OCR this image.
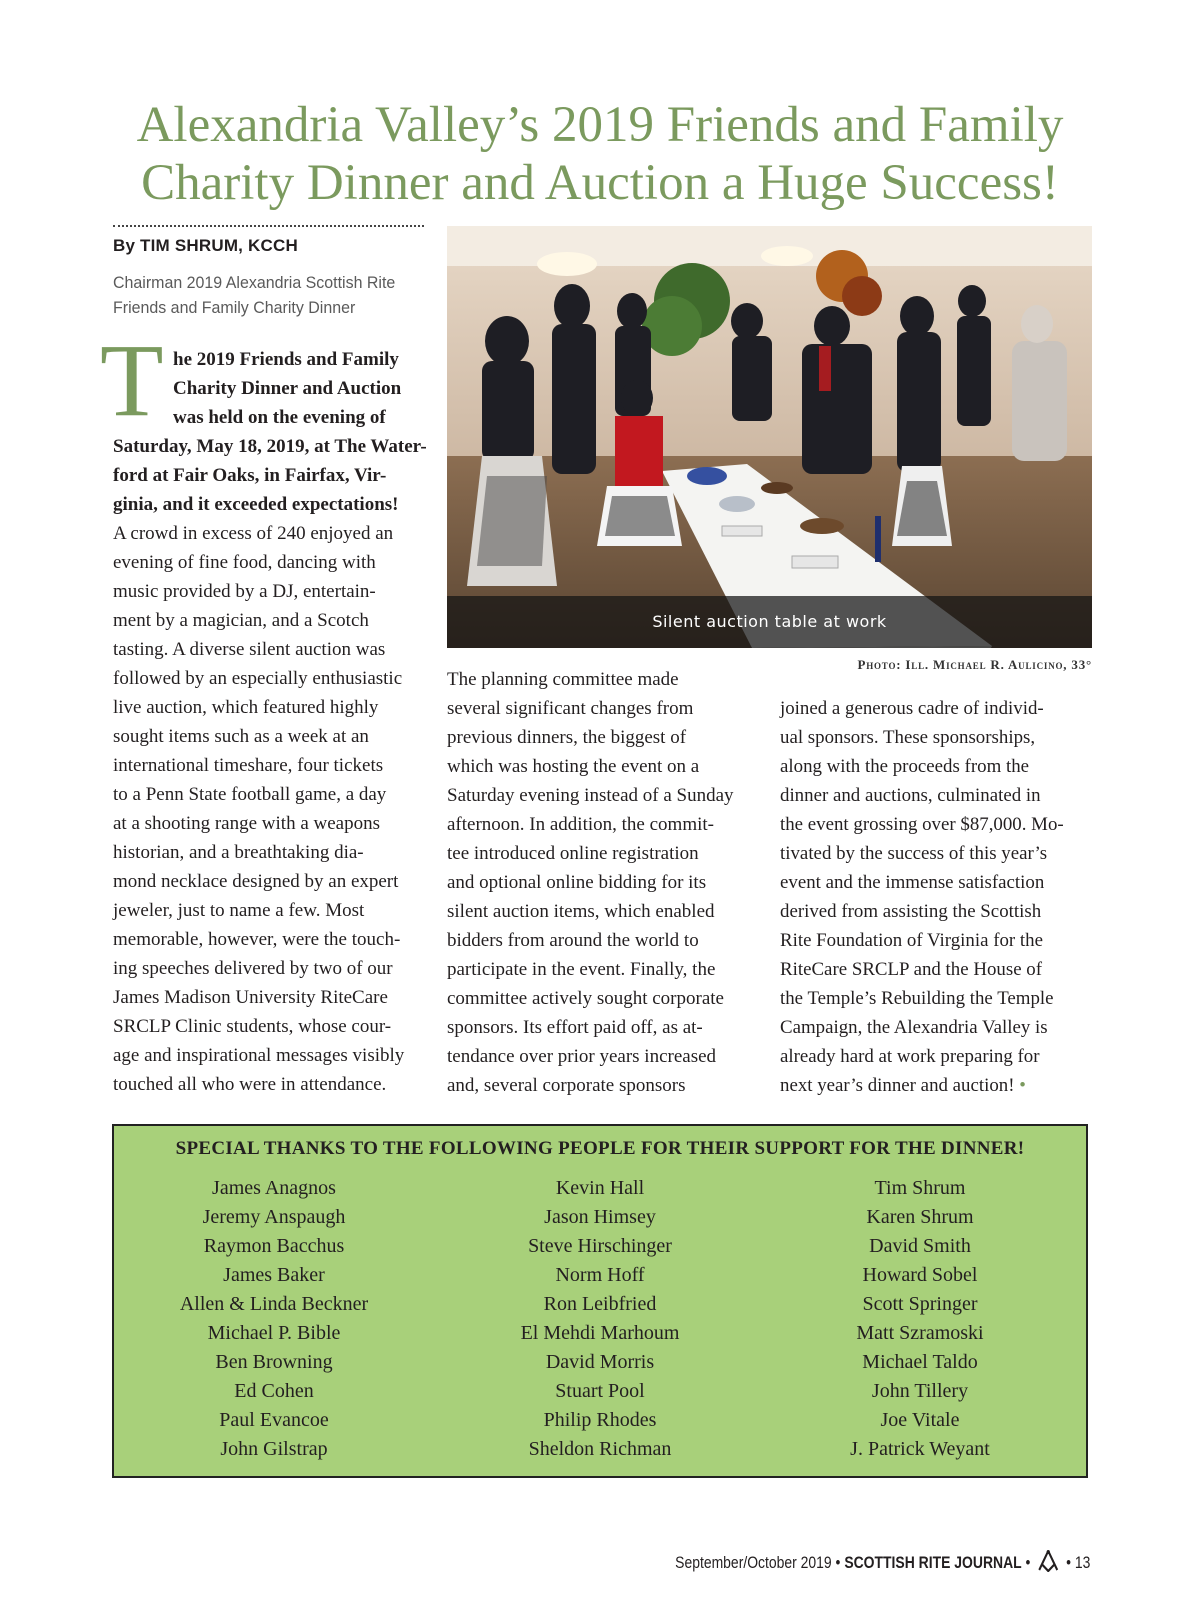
Alexandria Valley’s 2019 Friends and Family
Charity Dinner and Auction a Huge Success!
By TIM SHRUM, KCCH
Chairman 2019 Alexandria Scottish Rite
Friends and Family Charity Dinner
T he 2019 Friends and Family
Charity Dinner and Auction
was held on the evening of
Saturday, May 18, 2019, at The Water-
ford at Fair Oaks, in Fairfax, Vir-
ginia, and it exceeded expectations!
A crowd in excess of 240 enjoyed an
evening of fine food, dancing with
music provided by a DJ, entertain-
ment by a magician, and a Scotch
tasting. A diverse silent auction was
followed by an especially enthusiastic
live auction, which featured highly
sought items such as a week at an
international timeshare, four tickets
to a Penn State football game, a day
at a shooting range with a weapons
historian, and a breathtaking dia-
mond necklace designed by an expert
jeweler, just to name a few. Most
memorable, however, were the touch-
ing speeches delivered by two of our
James Madison University RiteCare
SRCLP Clinic students, whose cour-
age and inspirational messages visibly
touched all who were in attendance.
The planning committee made
several significant changes from
previous dinners, the biggest of
which was hosting the event on a
Saturday evening instead of a Sunday
afternoon. In addition, the commit-
tee introduced online registration
and optional online bidding for its
silent auction items, which enabled
bidders from around the world to
participate in the event. Finally, the
committee actively sought corporate
sponsors. Its effort paid off, as at-
tendance over prior years increased
and, several corporate sponsors
joined a generous cadre of individ-
ual sponsors. These sponsorships,
along with the proceeds from the
dinner and auctions, culminated in
the event grossing over $87,000. Mo-
tivated by the success of this year’s
event and the immense satisfaction
derived from assisting the Scottish
Rite Foundation of Virginia for the
RiteCare SRCLP and the House of
the Temple’s Rebuilding the Temple
Campaign, the Alexandria Valley is
already hard at work preparing for
next year’s dinner and auction! •
Silent auction table at work
Photo: Ill. Michael R. Aulicino, 33°
SPECIAL THANKS TO THE FOLLOWING PEOPLE FOR THEIR SUPPORT FOR THE DINNER!
James Anagnos
Jeremy Anspaugh
Raymon Bacchus
James Baker
Allen & Linda Beckner
Michael P. Bible
Ben Browning
Ed Cohen
Paul Evancoe
John Gilstrap
Kevin Hall
Jason Himsey
Steve Hirschinger
Norm Hoff
Ron Leibfried
El Mehdi Marhoum
David Morris
Stuart Pool
Philip Rhodes
Sheldon Richman
Tim Shrum
Karen Shrum
David Smith
Howard Sobel
Scott Springer
Matt Szramoski
Michael Taldo
John Tillery
Joe Vitale
J. Patrick Weyant
September/October 2019 • SCOTTISH RITE JOURNAL •  • 13
